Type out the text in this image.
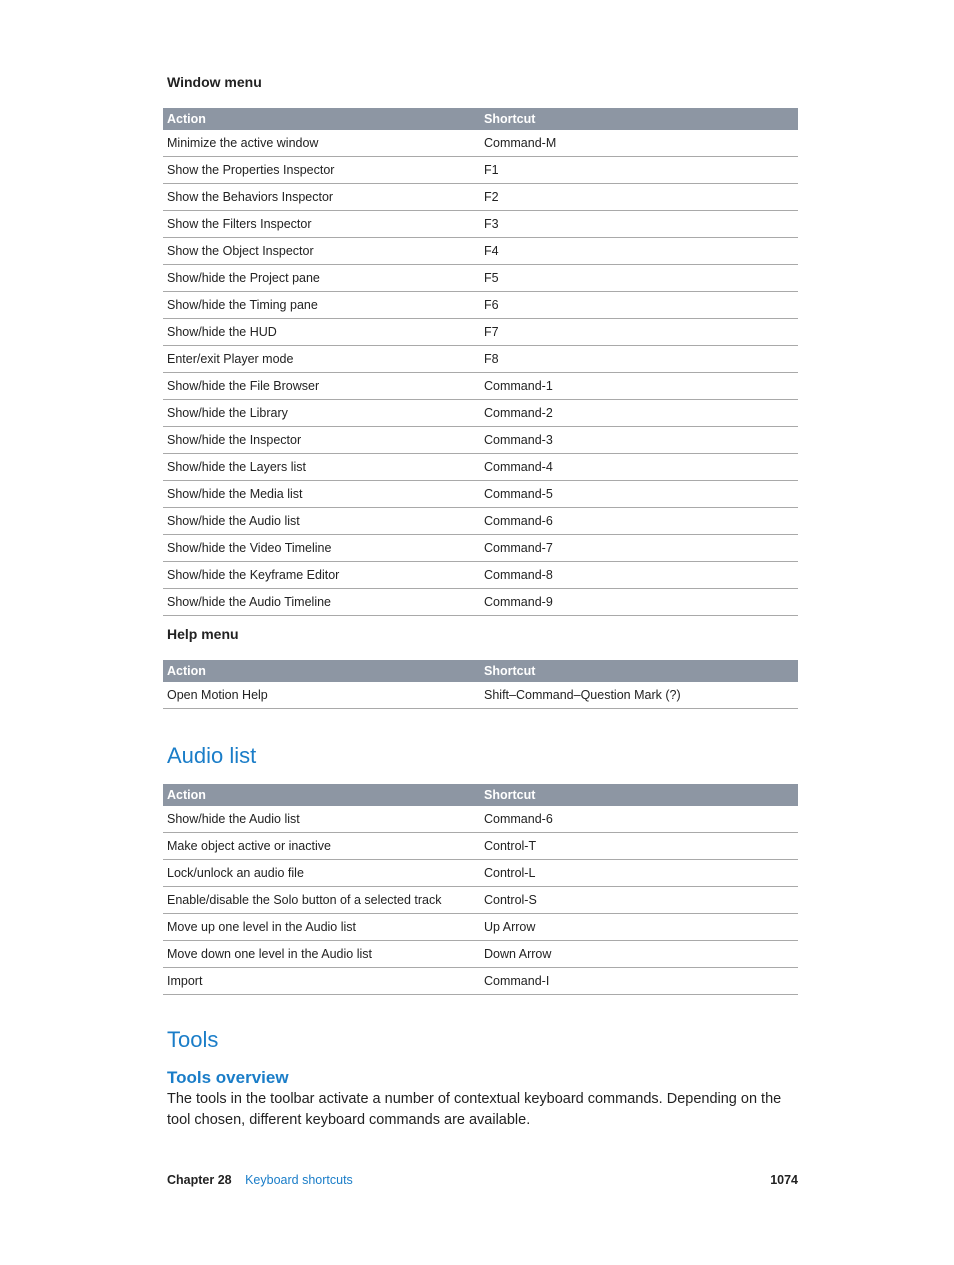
Window menu
Action	Shortcut
Minimize the active window	Command-M
Show the Properties Inspector	F1
Show the Behaviors Inspector	F2
Show the Filters Inspector	F3
Show the Object Inspector	F4
Show/hide the Project pane	F5
Show/hide the Timing pane	F6
Show/hide the HUD	F7
Enter/exit Player mode	F8
Show/hide the File Browser	Command-1
Show/hide the Library	Command-2
Show/hide the Inspector	Command-3
Show/hide the Layers list	Command-4
Show/hide the Media list	Command-5
Show/hide the Audio list	Command-6
Show/hide the Video Timeline	Command-7
Show/hide the Keyframe Editor	Command-8
Show/hide the Audio Timeline	Command-9
Help menu
Action	Shortcut
Open Motion Help	Shift–Command–Question Mark (?)
Audio list
Action	Shortcut
Show/hide the Audio list	Command-6
Make object active or inactive	Control-T
Lock/unlock an audio file	Control-L
Enable/disable the Solo button of a selected track	Control-S
Move up one level in the Audio list	Up Arrow
Move down one level in the Audio list	Down Arrow
Import	Command-I
Tools
Tools overview

The tools in the toolbar activate a number of contextual keyboard commands. Depending on the tool chosen, different keyboard commands are available.

Chapter 28 Keyboard shortcuts	1074
